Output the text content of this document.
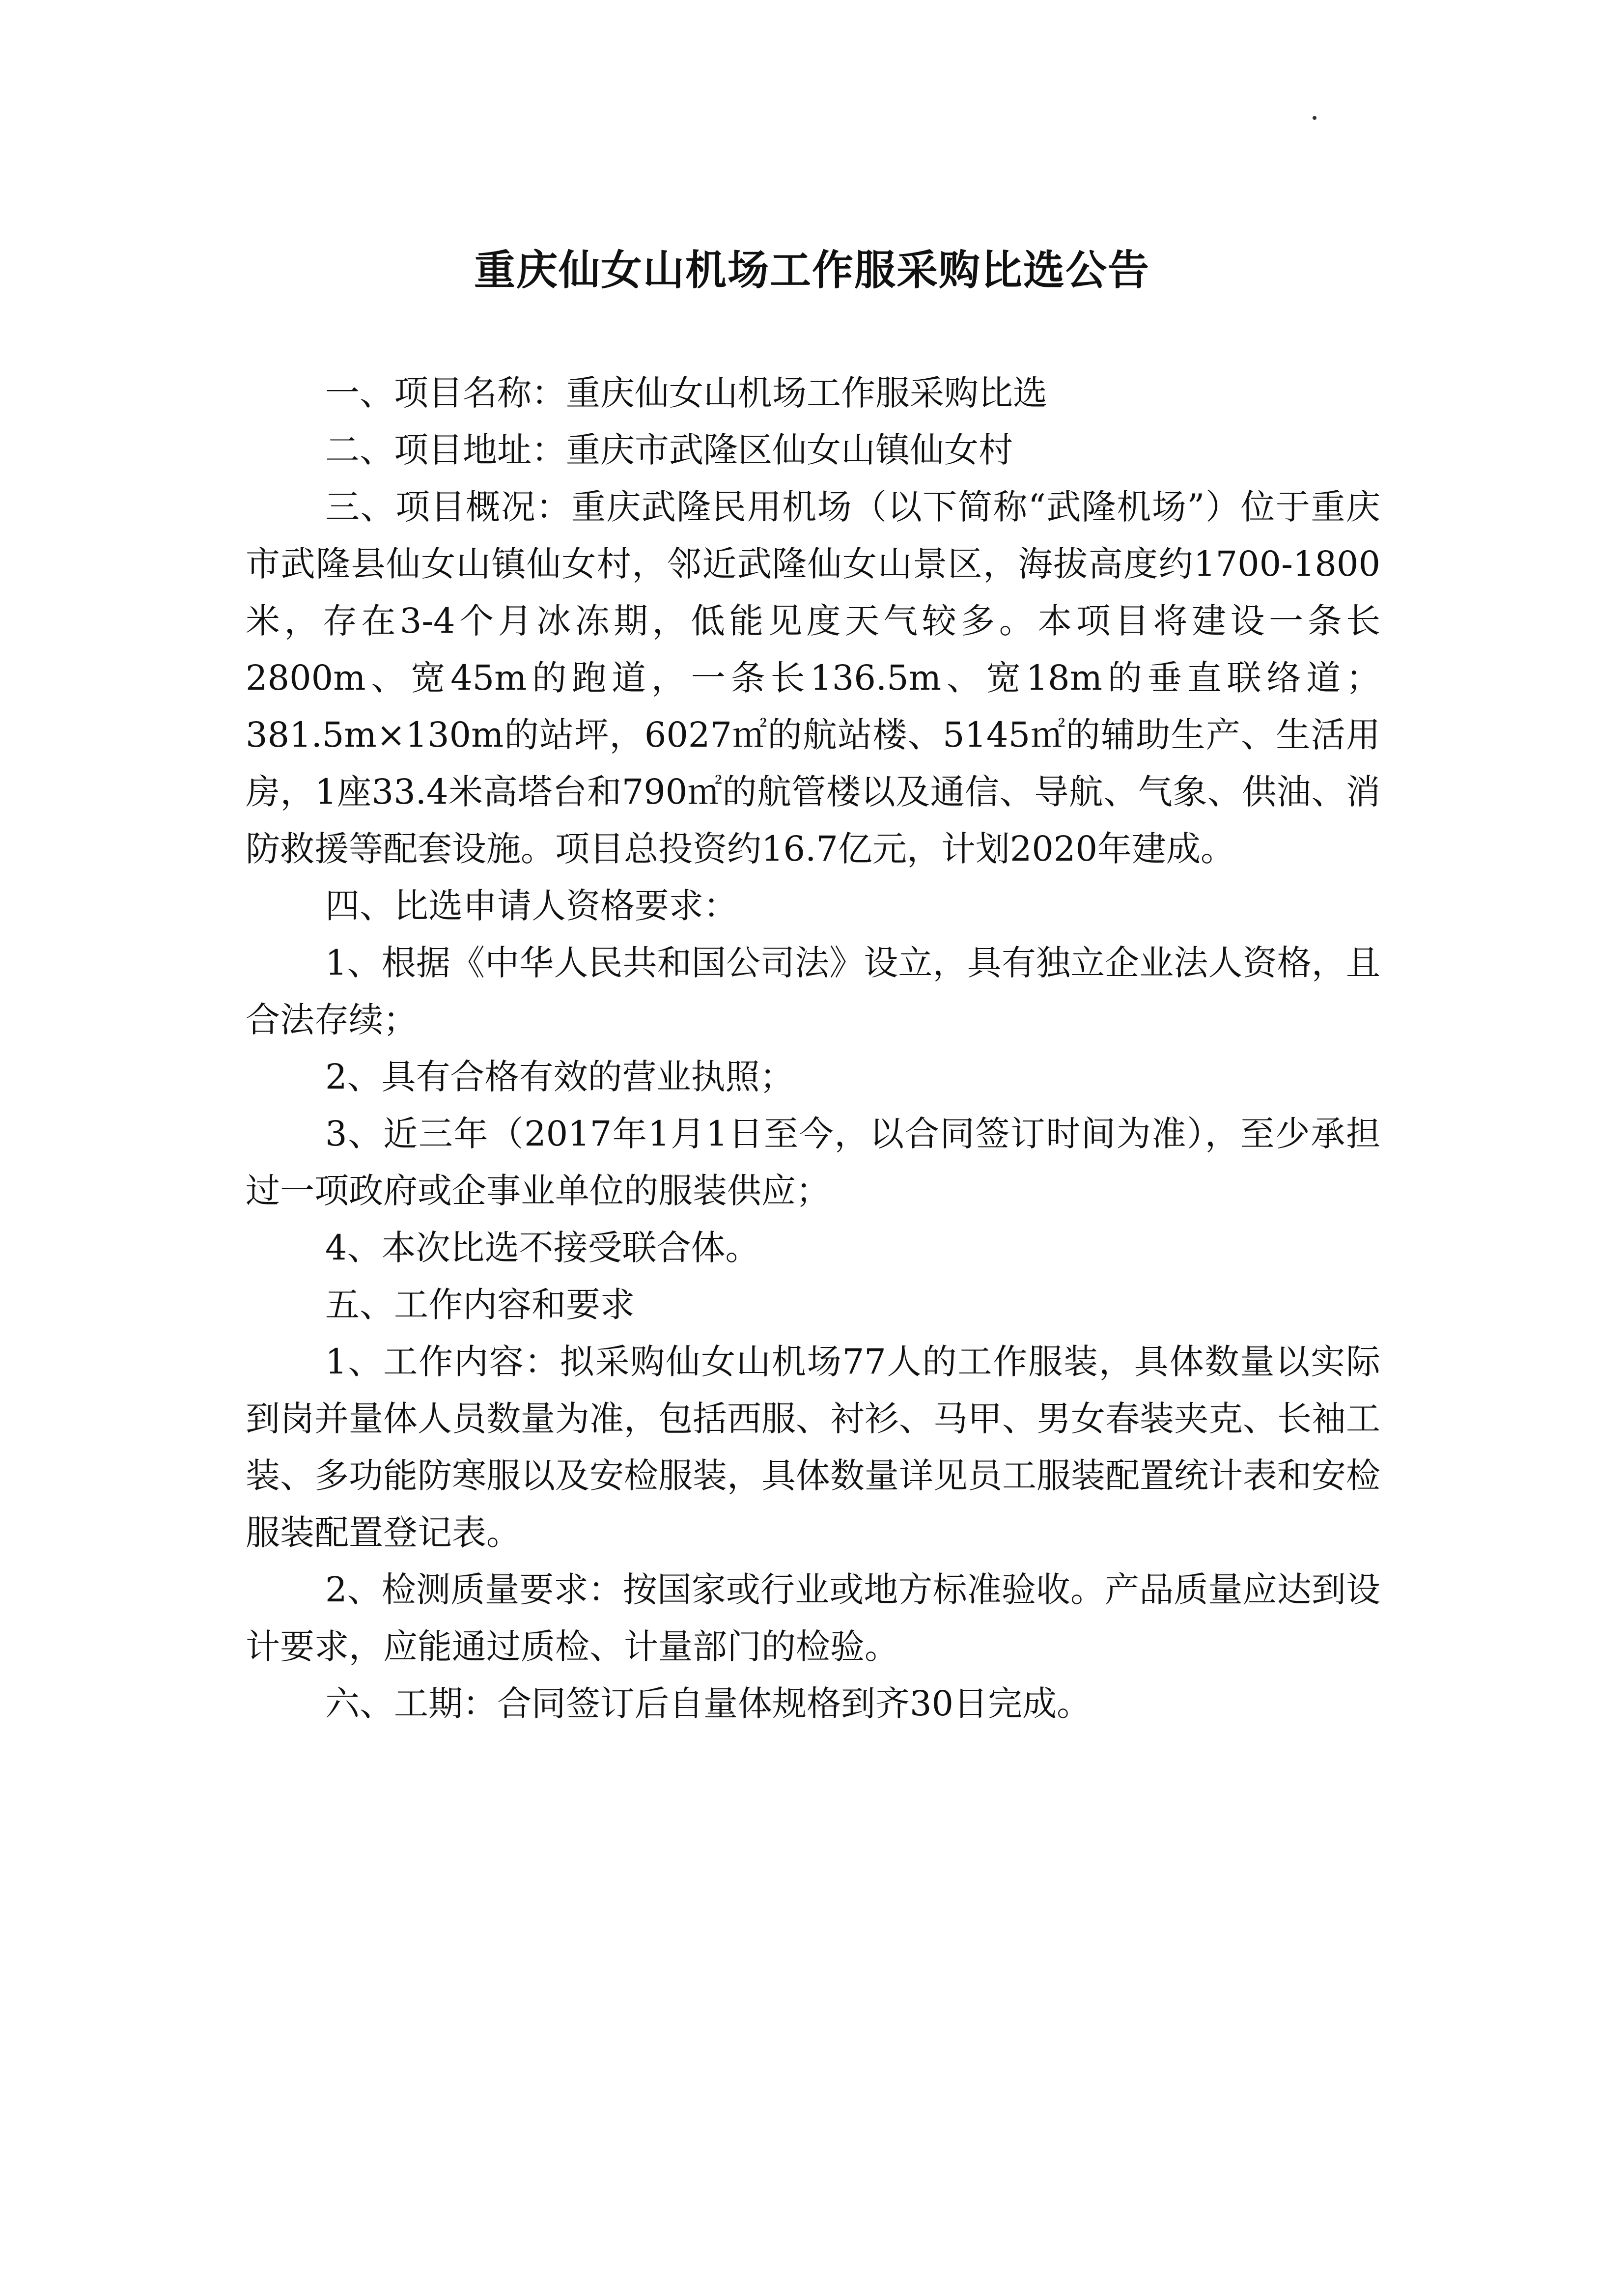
重庆仙女山机场工作服采购比选公告

一、项目名称：重庆仙女山机场工作服采购比选

二、项目地址：重庆市武隆区仙女山镇仙女村

三、项目概况：重庆武隆民用机场（以下简称“武隆机场”）位于重庆市武隆县仙女山镇仙女村，邻近武隆仙女山景区，海拔高度约1700-1800米，存在3-4个月冰冻期，低能见度天气较多。本项目将建设一条长2800m、宽45m的跑道，一条长136.5m、宽18m的垂直联络道；381.5m×130m的站坪，6027㎡的航站楼、5145㎡的辅助生产、生活用房，1座33.4米高塔台和790㎡的航管楼以及通信、导航、气象、供油、消防救援等配套设施。项目总投资约16.7亿元，计划2020年建成。

四、比选申请人资格要求：

1、根据《中华人民共和国公司法》设立，具有独立企业法人资格，且合法存续；

2、具有合格有效的营业执照；

3、近三年（2017年1月1日至今，以合同签订时间为准），至少承担过一项政府或企事业单位的服装供应；

4、本次比选不接受联合体。

五、工作内容和要求

1、工作内容：拟采购仙女山机场77人的工作服装，具体数量以实际到岗并量体人员数量为准，包括西服、衬衫、马甲、男女春装夹克、长袖工装、多功能防寒服以及安检服装，具体数量详见员工服装配置统计表和安检服装配置登记表。

2、检测质量要求：按国家或行业或地方标准验收。产品质量应达到设计要求，应能通过质检、计量部门的检验。

六、工期：合同签订后自量体规格到齐30日完成。
